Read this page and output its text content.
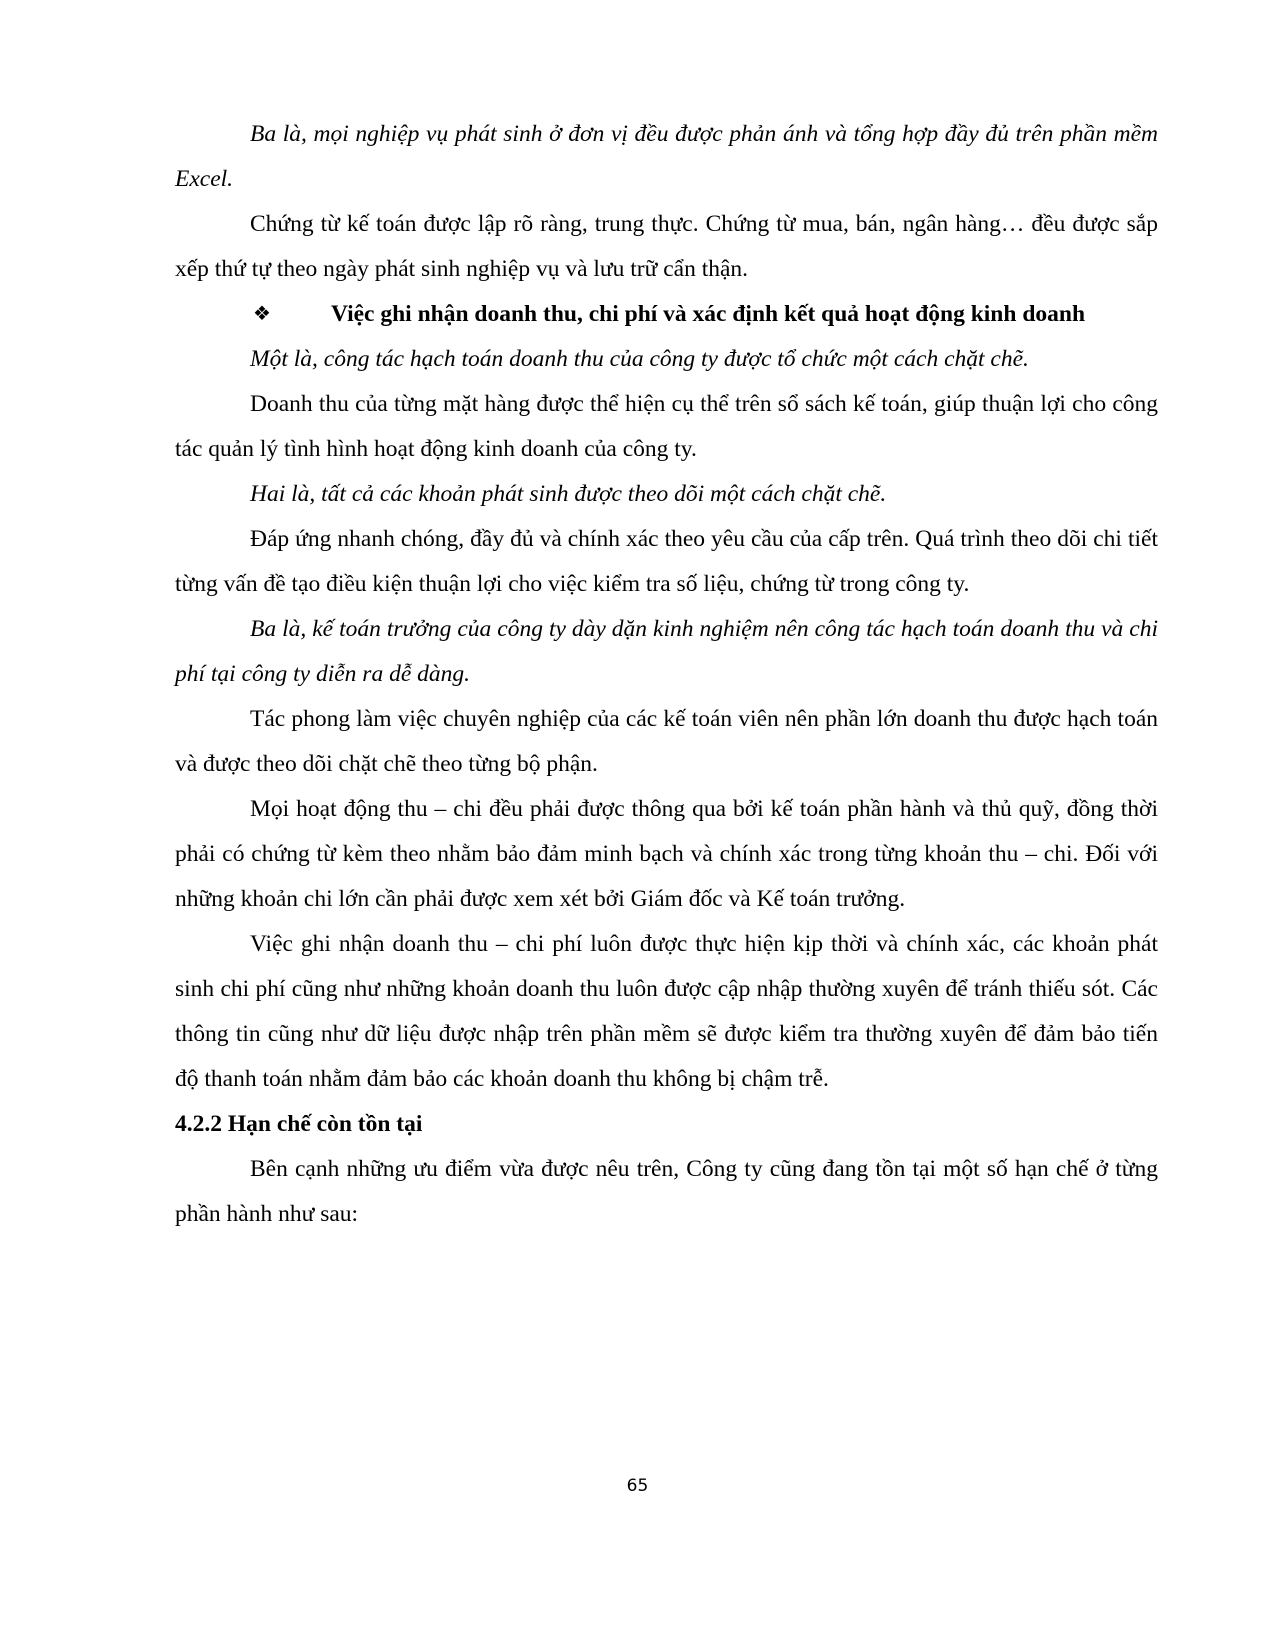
Ba là, mọi nghiệp vụ phát sinh ở đơn vị đều được phản ánh và tổng hợp đầy đủ trên phần mềm Excel.

Chứng từ kế toán được lập rõ ràng, trung thực. Chứng từ mua, bán, ngân hàng… đều được sắp xếp thứ tự theo ngày phát sinh nghiệp vụ và lưu trữ cẩn thận.

❖	Việc ghi nhận doanh thu, chi phí và xác định kết quả hoạt động kinh doanh

Một là, công tác hạch toán doanh thu của công ty được tổ chức một cách chặt chẽ.

Doanh thu của từng mặt hàng được thể hiện cụ thể trên sổ sách kế toán, giúp thuận lợi cho công tác quản lý tình hình hoạt động kinh doanh của công ty.

Hai là, tất cả các khoản phát sinh được theo dõi một cách chặt chẽ.

Đáp ứng nhanh chóng, đầy đủ và chính xác theo yêu cầu của cấp trên. Quá trình theo dõi chi tiết từng vấn đề tạo điều kiện thuận lợi cho việc kiểm tra số liệu, chứng từ trong công ty.

Ba là, kế toán trưởng của công ty dày dặn kinh nghiệm nên công tác hạch toán doanh thu và chi phí tại công ty diễn ra dễ dàng.

Tác phong làm việc chuyên nghiệp của các kế toán viên nên phần lớn doanh thu được hạch toán và được theo dõi chặt chẽ theo từng bộ phận.

Mọi hoạt động thu – chi đều phải được thông qua bởi kế toán phần hành và thủ quỹ, đồng thời phải có chứng từ kèm theo nhằm bảo đảm minh bạch và chính xác trong từng khoản thu – chi. Đối với những khoản chi lớn cần phải được xem xét bởi Giám đốc và Kế toán trưởng.

Việc ghi nhận doanh thu – chi phí luôn được thực hiện kịp thời và chính xác, các khoản phát sinh chi phí cũng như những khoản doanh thu luôn được cập nhập thường xuyên để tránh thiếu sót. Các thông tin cũng như dữ liệu được nhập trên phần mềm sẽ được kiểm tra thường xuyên để đảm bảo tiến độ thanh toán nhằm đảm bảo các khoản doanh thu không bị chậm trễ.

4.2.2 Hạn chế còn tồn tại

Bên cạnh những ưu điểm vừa được nêu trên, Công ty cũng đang tồn tại một số hạn chế ở từng phần hành như sau:

65
